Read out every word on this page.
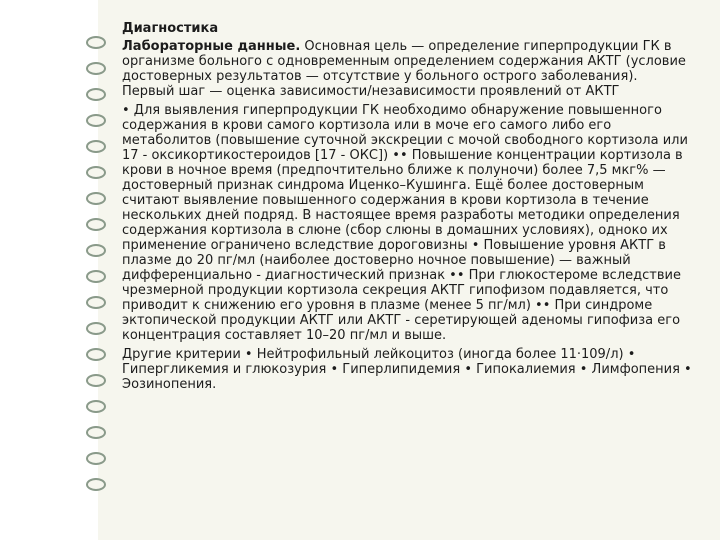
Диагностика

Лабораторные данные. Основная цель — определение гиперпродукции ГК в организме больного с одновременным определением содержания АКТГ (условие достоверных результатов — отсутствие у больного острого заболевания). Первый шаг — оценка зависимости/независимости проявлений от АКТГ

• Для выявления гиперпродукции ГК необходимо обнаружение повышенного содержания в крови самого кортизола или в моче его самого либо его метаболитов (повышение суточной экскреции с мочой свободного кортизола или 17 - оксикортикостероидов [17 - ОКС]) •• Повышение концентрации кортизола в крови в ночное время (предпочтительно ближе к полуночи) более 7,5 мкг% — достоверный признак синдрома Иценко–Кушинга. Ещё более достоверным считают выявление повышенного содержания в крови кортизола в течение нескольких дней подряд. В настоящее время разработы методики определения содержания кортизола в слюне (сбор слюны в домашних условиях), одноко их применение ограничено вследствие дороговизны • Повышение уровня АКТГ в плазме до 20 пг/мл (наиболее достоверно ночное повышение) — важный дифференциально - диагностический признак •• При глюкостероме вследствие чрезмерной продукции кортизола секреция АКТГ гипофизом подавляется, что приводит к снижению его уровня в плазме (менее 5 пг/мл) •• При синдроме эктопической продукции АКТГ или АКТГ - серетирующей аденомы гипофиза его концентрация составляет 10–20 пг/мл и выше.

Другие критерии • Нейтрофильный лейкоцитоз (иногда более 11·109/л) • Гипергликемия и глюкозурия • Гиперлипидемия • Гипокалиемия • Лимфопения • Эозинопения.
